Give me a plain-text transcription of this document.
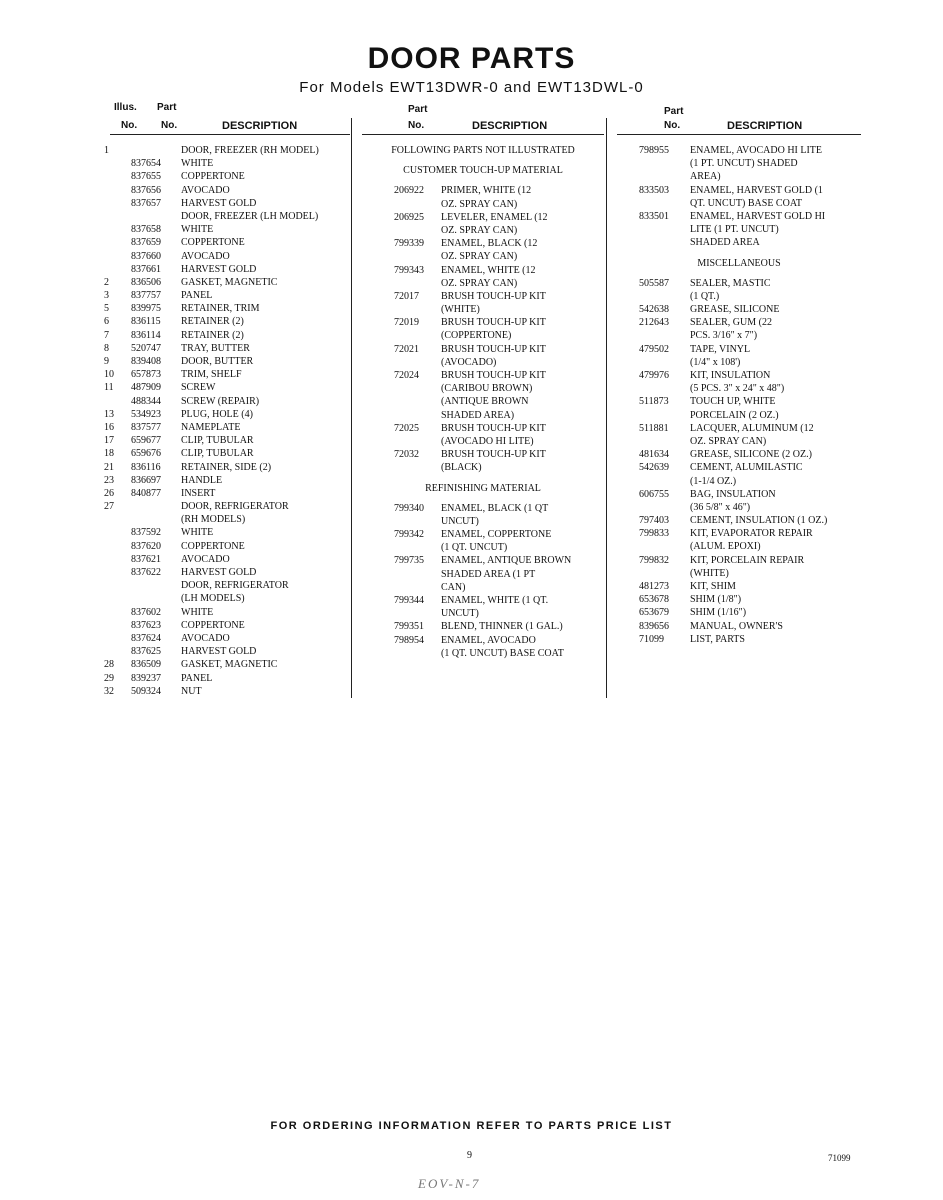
DOOR PARTS
For Models EWT13DWR-0 and EWT13DWL-0
Illus. Part
No. No.	DESCRIPTION
1	DOOR, FREEZER (RH MODEL)
837654 WHITE
837655 COPPERTONE
837656 AVOCADO
837657 HARVEST GOLD
DOOR, FREEZER (LH MODEL)
837658 WHITE
837659 COPPERTONE
837660 AVOCADO
837661 HARVEST GOLD
2 836506 GASKET, MAGNETIC
3 837757 PANEL
5 839975 RETAINER, TRIM
6 836115 RETAINER (2)
7 836114 RETAINER (2)
8 520747 TRAY, BUTTER
9 839408 DOOR, BUTTER
10 657873 TRIM, SHELF
11 487909 SCREW
488344 SCREW (REPAIR)
13 534923 PLUG, HOLE (4)
16 837577 NAMEPLATE
17 659677 CLIP, TUBULAR
18 659676 CLIP, TUBULAR
21 836116 RETAINER, SIDE (2)
23 836697 HANDLE
26 840877 INSERT
27	DOOR, REFRIGERATOR
(RH MODELS)
837592 WHITE
837620 COPPERTONE
837621 AVOCADO
837622 HARVEST GOLD
DOOR, REFRIGERATOR
(LH MODELS)
837602 WHITE
837623 COPPERTONE
837624 AVOCADO
837625 HARVEST GOLD
28 836509 GASKET, MAGNETIC
29 839237 PANEL
32 509324 NUT
Part
No.	DESCRIPTION
FOLLOWING PARTS NOT ILLUSTRATED
CUSTOMER TOUCH-UP MATERIAL
206922 PRIMER, WHITE (12
OZ. SPRAY CAN)
206925 LEVELER, ENAMEL (12
OZ. SPRAY CAN)
799339 ENAMEL, BLACK (12
OZ. SPRAY CAN)
799343 ENAMEL, WHITE (12
OZ. SPRAY CAN)
72017 BRUSH TOUCH-UP KIT
(WHITE)
72019 BRUSH TOUCH-UP KIT
(COPPERTONE)
72021 BRUSH TOUCH-UP KIT
(AVOCADO)
72024 BRUSH TOUCH-UP KIT
(CARIBOU BROWN)
(ANTIQUE BROWN
SHADED AREA)
72025 BRUSH TOUCH-UP KIT
(AVOCADO HI LITE)
72032 BRUSH TOUCH-UP KIT
(BLACK)
REFINISHING MATERIAL
799340 ENAMEL, BLACK (1 QT
UNCUT)
799342 ENAMEL, COPPERTONE
(1 QT. UNCUT)
799735 ENAMEL, ANTIQUE BROWN
SHADED AREA (1 PT
CAN)
799344 ENAMEL, WHITE (1 QT.
UNCUT)
799351 BLEND, THINNER (1 GAL.)
798954 ENAMEL, AVOCADO
(1 QT. UNCUT) BASE COAT
Part
No.	DESCRIPTION
798955 ENAMEL, AVOCADO HI LITE
(1 PT. UNCUT) SHADED
AREA)
833503 ENAMEL, HARVEST GOLD (1
QT. UNCUT) BASE COAT
833501 ENAMEL, HARVEST GOLD HI
LITE (1 PT. UNCUT)
SHADED AREA
MISCELLANEOUS
505587 SEALER, MASTIC
(1 QT.)
542638 GREASE, SILICONE
212643 SEALER, GUM (22
PCS. 3/16" x 7")
479502 TAPE, VINYL
(1/4" x 108')
479976 KIT, INSULATION
(5 PCS. 3" x 24" x 48")
511873 TOUCH UP, WHITE
PORCELAIN (2 OZ.)
511881 LACQUER, ALUMINUM (12
OZ. SPRAY CAN)
481634 GREASE, SILICONE (2 OZ.)
542639 CEMENT, ALUMILASTIC
(1-1/4 OZ.)
606755 BAG, INSULATION
(36 5/8" x 46")
797403 CEMENT, INSULATION (1 OZ.)
799833 KIT, EVAPORATOR REPAIR
(ALUM. EPOXI)
799832 KIT, PORCELAIN REPAIR
(WHITE)
481273 KIT, SHIM
653678 SHIM (1/8")
653679 SHIM (1/16")
839656 MANUAL, OWNER'S
71099	LIST, PARTS
FOR ORDERING INFORMATION REFER TO PARTS PRICE LIST
9	71099
EOV-N-7
